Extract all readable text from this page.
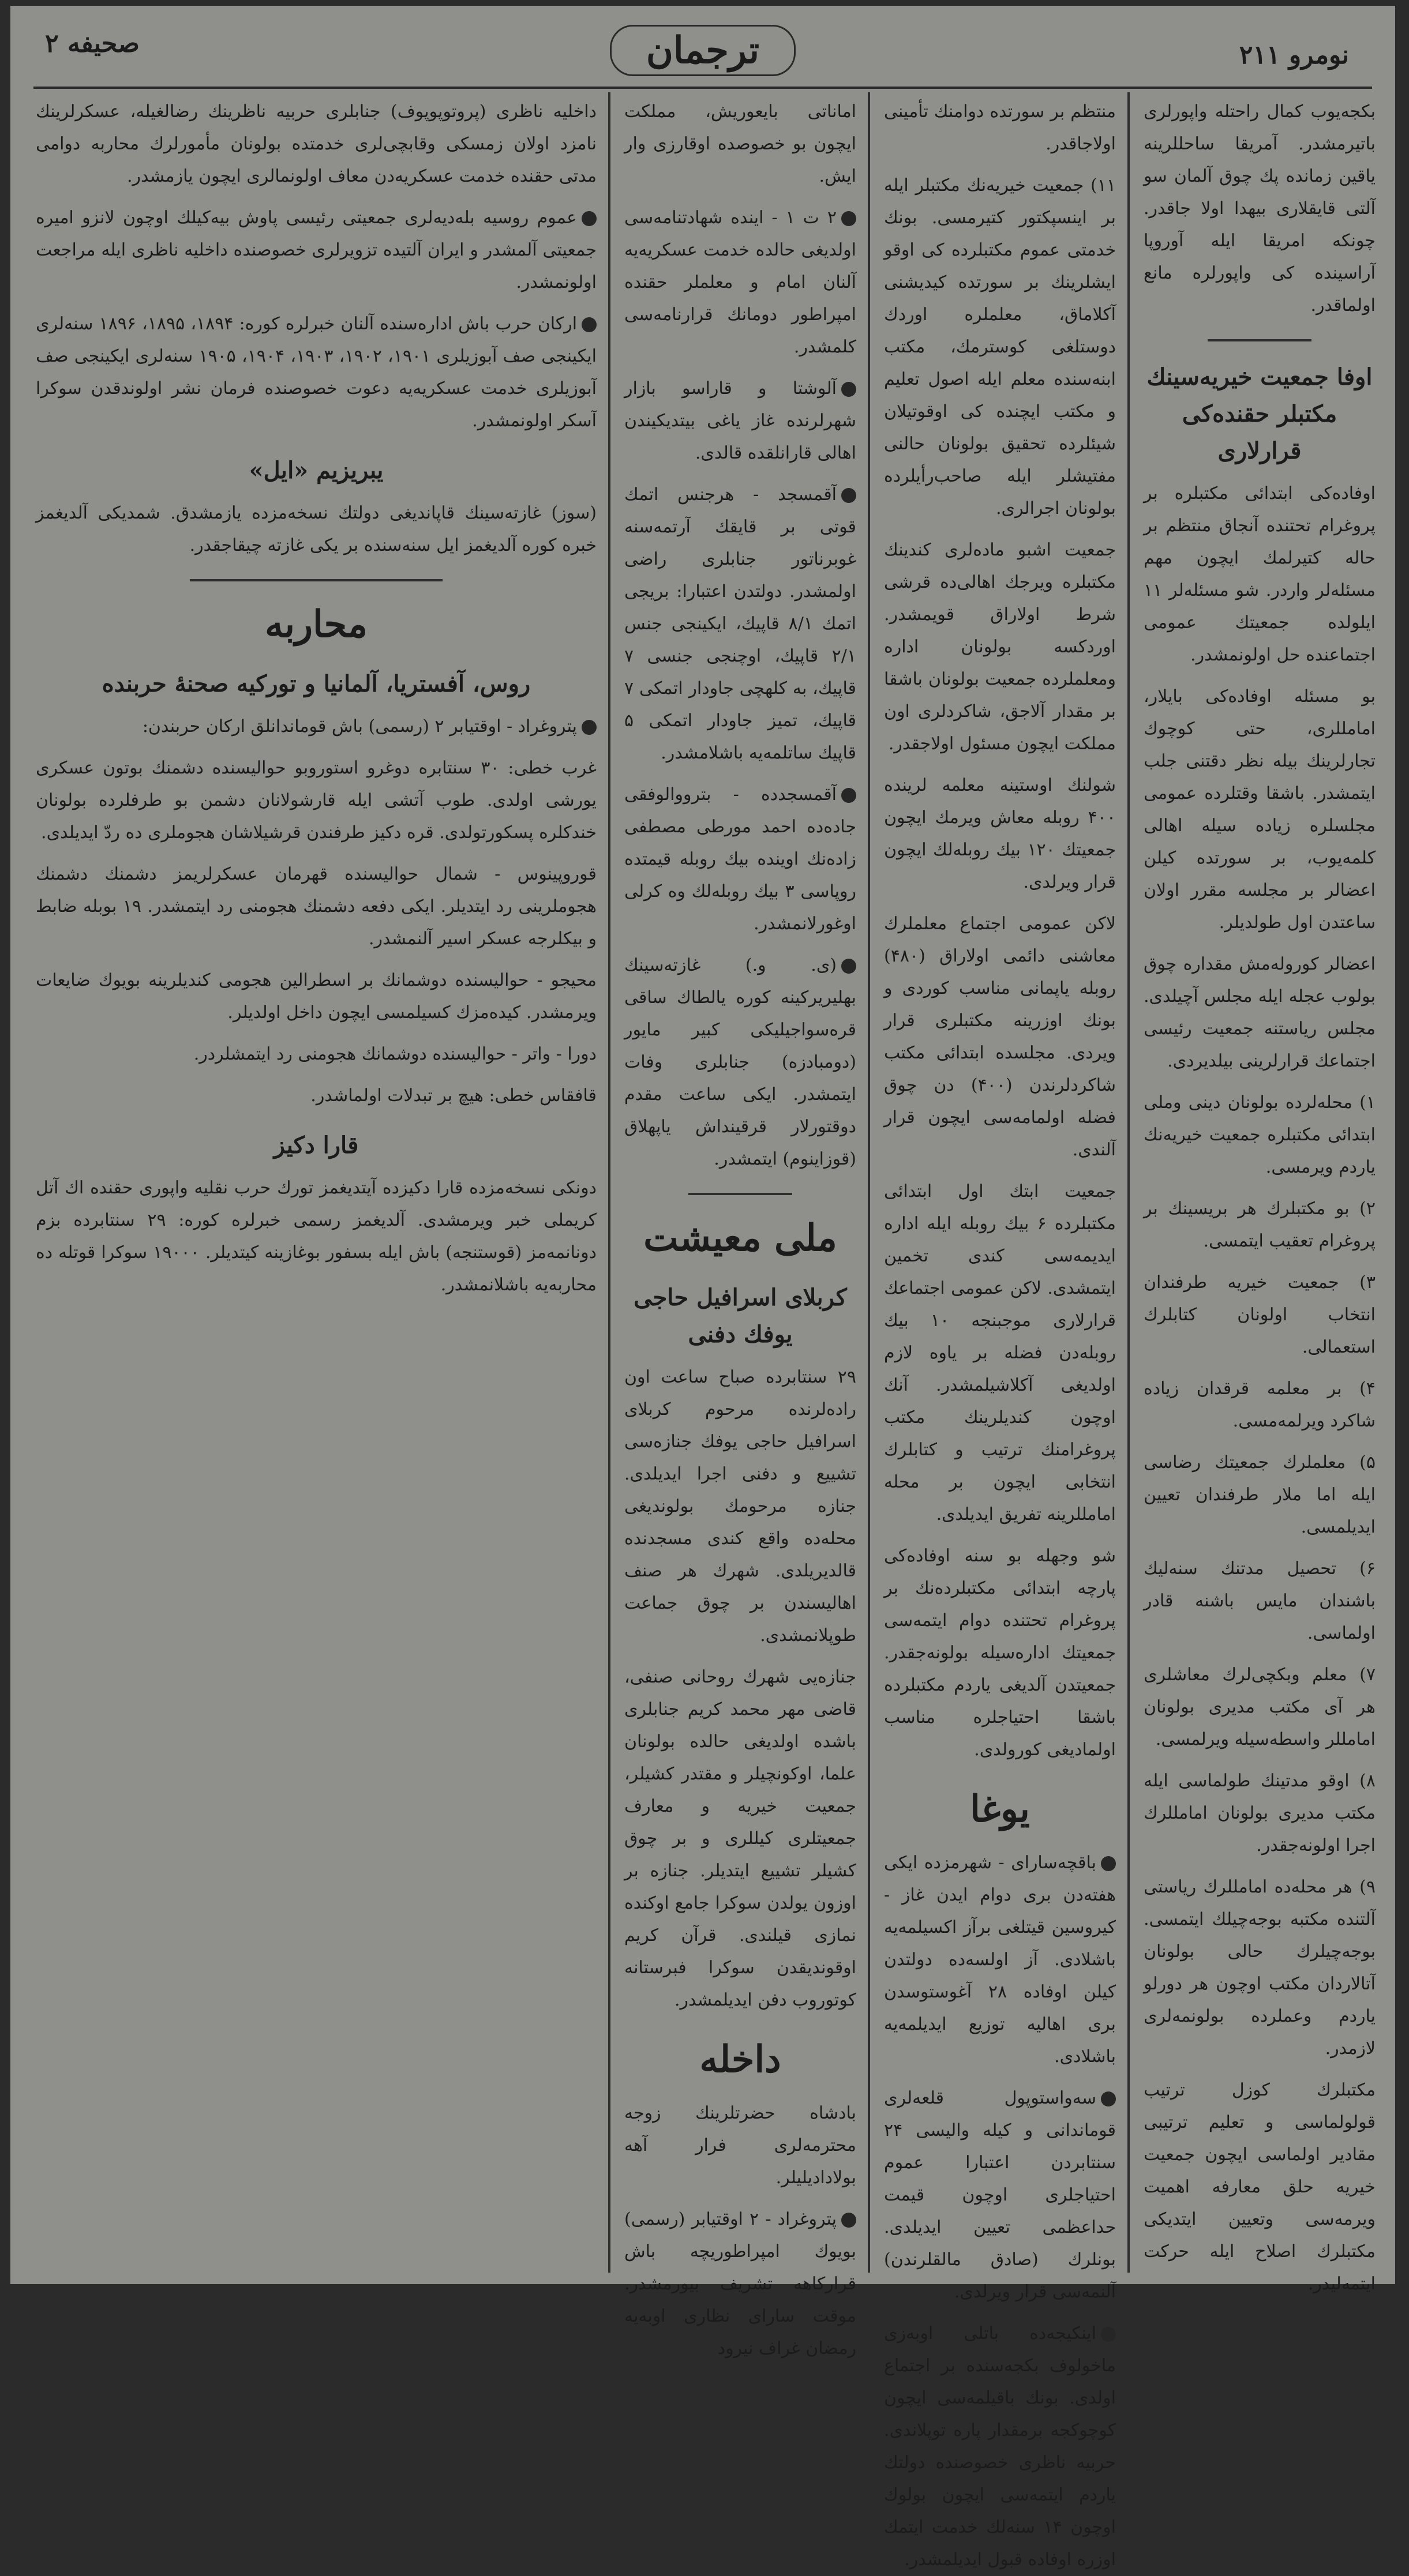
نومرو ۲۱۱
ترجمان
صحیفه ۲

بکجه‌یوب کمال راحتله واپورلری باتیرمشدر. آمریقا ساحللرینه یاقین زمانده پك چوق آلمان سو آلتی قایقلاری بیهدا اولا جاقدر. چونکه امریقا ایله آوروپا آراسینده کی واپورلره مانع اولماقدر.

اوفا جمعیت خیریه‌سینك مکتبلر حقنده‌کی قرارلاری

اوفاده‌کی ابتدائی مکتبلره بر پروغرام تحتنده آنجاق منتظم بر حاله کتیرلمك ایچون مهم مسئله‌لر واردر. شو مسئله‌لر ۱۱ ایلولده جمعیتك عمومی اجتماعنده حل اولونمشدر.

بو مسئله اوفاده‌کی بایلار، امامللری، حتی کوچوك تجارلرینك بیله نظر دقتنی جلب ایتمشدر. باشقا وقتلرده عمومی مجلسلره زیاده سیله اهالی کلمه‌یوب، بر سورتده کیلن اعضالر بر مجلسه مقرر اولان ساعتدن اول طولدیلر.

اعضالر کوروله‌مش مقداره چوق بولوب عجله ایله مجلس آچیلدی. مجلس ریاستنه جمعیت رئیسی اجتماعك قرارلرینی بیلدیردی.

۱) محله‌لرده بولونان دینی وملی ابتدائی مکتبلره جمعیت خیریه‌نك یاردم ویرمسی.

۲) بو مکتبلرك هر بریسینك بر پروغرام تعقیب ایتمسی.

۳) جمعیت خیریه طرفندان انتخاب اولونان کتابلرك استعمالی.

۴) بر معلمه قرقدان زیاده شاکرد ویرلمه‌مسی.

۵) معلملرك جمعیتك رضاسی ایله اما ملار طرفندان تعیین ایدیلمسی.

۶) تحصیل مدتنك سنه‌لیك باشندان مایس باشنه قادر اولماسی.

۷) معلم وبکچی‌لرك معاشلری هر آی مکتب مدیری بولونان امامللر واسطه‌سیله ویرلمسی.

۸) اوقو مدتینك طولماسی ایله مکتب مدیری بولونان امامللرك اجرا اولونه‌جقدر.

۹) هر محله‌ده امامللرك ریاستی آلتنده مکتبه بوجه‌چیلك ایتمسی. بوجه‌چیلرك حالی بولونان آتالاردان مکتب اوچون هر دورلو یاردم وعملرده بولونمه‌لری لازمدر.

مکتبلرك کوزل ترتیب قولولماسی و تعلیم ترتیبی مقادیر اولماسی ایچون جمعیت خیریه حلق معارفه اهمیت ویرمه‌سی وتعیین ایتدیکی مکتبلرك اصلاح ایله حرکت ایتمه‌لیدر.

منتظم بر سورتده دوامنك تأمینی اولاجاقدر.

۱۱) جمعیت خیریه‌نك مکتبلر ایله بر اینسپکتور کتیرمسی. بونك خدمتی عموم مکتبلرده کی اوقو ایشلرینك بر سورتده کیدیشنی آکلاماق، معلملره اوردك دوستلغی کوسترمك، مکتب ابنه‌سنده معلم ایله اصول تعلیم و مکتب ایچنده کی اوقوتیلان شیئلرده تحقیق بولونان حالنی مفتیشلر ایله صاحب‌رأیلرده بولونان اجرالری.

جمعیت اشبو ماده‌لری کندینك مکتبلره ویرجك اهالی‌ده قرشی شرط اولاراق قویمشدر. اوردکسه بولونان اداره ومعلملرده جمعیت بولونان باشقا بر مقدار آلاجق، شاکردلری اون مملکت ایچون مسئول اولاجقدر.

شولنك اوستینه معلمه لرینده ۴۰۰ روبله معاش ویرمك ایچون جمعیتك ۱۲۰ بیك روبله‌لك ایچون قرار ویرلدی.

لاکن عمومی اجتماع معلملرك معاشنی دائمی اولاراق (۴۸۰) روبله یاپمانی مناسب کوردی و بونك اوزرینه مکتبلری قرار ویردی. مجلسده ابتدائی مکتب شاکردلرندن (۴۰۰) دن چوق فضله اولمامه‌سی ایچون قرار آلندی.

جمعیت ابتك اول ابتدائی مکتبلرده ۶ بیك روبله ایله اداره ایدیمه‌سی کندی تخمین ایتمشدی. لاکن عمومی اجتماعك قرارلاری موجبنجه ۱۰ بیك روبله‌دن فضله بر یاوه لازم اولدیغی آکلاشیلمشدر. آنك اوچون کندیلرینك مکتب پروغرامنك ترتیب و کتابلرك انتخابی ایچون بر محله امامللرینه تفریق ایدیلدی.

شو وجهله بو سنه اوفاده‌کی پارچه ابتدائی مکتبلرده‌نك بر پروغرام تحتنده دوام ایتمه‌سی جمعیتك اداره‌سیله بولونه‌جقدر. جمعیتدن آلدیغی یاردم مکتبلرده باشقا احتیاجلره مناسب اولمادیغی کورولدی.

یوغا

باقچه‌سارای - شهرمزده ایکی هفته‌دن بری دوام ایدن غاز - کیروسین قیتلغی برآز اکسیلمه‌یه باشلادی. آز اولسه‌ده دولتدن کیلن اوفاده ۲۸ آغوستوسدن بری اهالیه توزیع ایدیلمه‌یه باشلادی.

سه‌واستوپول قلعه‌لری قوماندانی و کیله والیسی ۲۴ سنتابردن اعتبارا عموم احتیاجلری اوچون قیمت حداعظمی تعیین ایدیلدی. بونلرك (صادق مالقلرندن) آلنمه‌سی قرار ویرلدی.

اینکیجه‌ده باتلی اوبه‌زی ماخولوف بکجه‌سنده بر اجتماع اولدی. بونك باقیلمه‌سی ایچون کوچوکجه برمقدار پاره توپلاندی. حربیه ناظری خصوصنده دولتك یاردم ایتمه‌سی ایچون بولوك اوچون ۱۴ سنه‌لك خدمت ایتمك اوزره اوفاده قبول ایدیلمشدر.

اماناتی بایعوریش، مملکت ایچون بو خصوصده اوقارزی وار ایش.

۲ ت ۱ - اینده شهادتنامه‌سی اولدیغی حالده خدمت عسکریه‌یه آلنان امام و معلملر حقنده امپراطور دومانك قرارنامه‌سی کلمشدر.

آلوشتا و قاراسو بازار شهرلرنده غاز یاغی بیتدیکیندن اهالی قارانلقده قالدی.

آقمسجد - هرجنس اتمك قوتی بر قایقك آرتمه‌سنه غوبرناتور جنابلری راضی اولمشدر. دولتدن اعتبارا: بریجی اتمك ۸/۱ قاپیك، ایکینجی جنس ۲/۱ قاپیك، اوچنجی جنسی ۷ قاپیك، به کلهچی جاودار اتمکی ۷ قاپیك، تمیز جاودار اتمکی ۵ قاپیك ساتلمه‌یه باشلامشدر.

آقمسجدده - بترووالوفقی جاده‌ده احمد مورطی مصطفی زاده‌نك اوینده بیك روبله قیمتده روپاسی ۳ بیك روبله‌لك وه کرلی اوغورلانمشدر.

(ی. و.) غازته‌سینك بهلیریرکینه کوره یالطاك ساقی قره‌سواجیلیکی کبیر مایور (دومبادزه) جنابلری وفات ایتمشدر. ایکی ساعت مقدم دوقتورلار قرقینداش یاپهلاق (قوزاینوم) ایتمشدر.

ملی معیشت
کربلای اسرافیل حاجی یوفك دفنی

۲۹ سنتابرده صباح ساعت اون راده‌لرنده مرحوم کربلای اسرافیل حاجی یوفك جنازه‌سی تشییع و دفنی اجرا ایدیلدی. جنازه مرحومك بولوندیغی محله‌ده واقع کندی مسجدنده قالدیریلدی. شهرك هر صنف اهالیسندن بر چوق جماعت طوپلانمشدی.

جنازه‌یی شهرك روحانی صنفی، قاضی مهر محمد کریم جنابلری باشده اولدیغی حالده بولونان علما، اوکونچیلر و مقتدر کشیلر، جمعیت خیریه و معارف جمعیتلری کیللری و بر چوق کشیلر تشییع ایتدیلر. جنازه بر اوزون یولدن سوکرا جامع اوکنده نمازی قیلندی. قرآن کریم اوقوندیقدن سوکرا فبرستانه کوتوروب دفن ایدیلمشدر.

داخله

بادشاه حضرتلرینك زوجه محترمه‌لری فرار آهه بولادادیلیلر.

پتروغراد - ۲ اوقتیابر (رسمی) بویوك امپراطوریچه باش قرارکاهه تشریف بیورمشدر. موقت سارای نظاری اوبه‌یه رمضان غراف نیرود

داخلیه ناظری (پروتوپوپوف) جنابلری حربیه ناظرینك رضالغیله، عسکرلرینك نامزد اولان زمسکی وقابچی‌لری خدمتده بولونان مأمورلرك محاربه دوامی مدتی حقنده خدمت عسکریه‌دن معاف اولونمالری ایچون یازمشدر.

عموم روسیه بله‌دیه‌لری جمعیتی رئیسی پاوش بیه‌کیلك اوچون لانزو امیره جمعیتی آلمشدر و ایران آلتیده تزویرلری خصوصنده داخلیه ناظری ایله مراجعت اولونمشدر.

ارکان حرب باش اداره‌سنده آلنان خبرلره کوره: ۱۸۹۴، ۱۸۹۵، ۱۸۹۶ سنه‌لری ایکینجی صف آبوزیلری ۱۹۰۱، ۱۹۰۲، ۱۹۰۳، ۱۹۰۴، ۱۹۰۵ سنه‌لری ایکینجی صف آبوزیلری خدمت عسکریه‌یه دعوت خصوصنده فرمان نشر اولوندقدن سوکرا آسکر اولونمشدر.

یبریزیم «ایل»

(سوز) غازته‌سینك قاپاندیغی دولتك نسخه‌مزده یازمشدق. شمدیکی آلدیغمز خبره کوره آلدیغمز ایل سنه‌سنده بر یکی غازته چیقاجقدر.

محاربه
روس، آفستریا، آلمانیا و تورکیه صحنهٔ حربنده

پتروغراد - اوقتیابر ۲ (رسمی) باش قوماندانلق ارکان حربندن:

غرب خطی: ۳۰ سنتابره دوغرو استوروبو حوالیسنده دشمنك بوتون عسکری یورشی اولدی. طوب آتشی ایله قارشولانان دشمن بو طرفلرده بولونان خندکلره پسکورتولدی. قره دکیز طرفندن قرشیلاشان هجوملری ده ردّ ایدیلدی.

قوروپینوس - شمال حوالیسنده قهرمان عسکرلریمز دشمنك دشمنك هجوملرینی رد ایتدیلر. ایکی دفعه دشمنك هجومنی رد ایتمشدر. ۱۹ بوبله ضابط و بیکلرجه عسکر اسیر آلنمشدر.

محیجو - حوالیسنده دوشمانك بر اسطرالین هجومی کندیلرینه بویوك ضایعات ویرمشدر. کیده‌مزك کسیلمسی ایچون داخل اولدیلر.

دورا - واتر - حوالیسنده دوشمانك هجومنی رد ایتمشلردر.

قافقاس خطی: هیچ بر تبدلات اولماشدر.

قارا دکیز

دونکی نسخه‌مزده قارا دکیزده آیتدیغمز تورك حرب نقلیه واپوری حقنده اك آتل کریملی خبر ویرمشدی. آلدیغمز رسمی خبرلره کوره: ۲۹ سنتابرده بزم دونانمه‌مز (قوستنجه) باش ایله بسفور بوغازینه کیتدیلر. ۱۹۰۰۰ سوکرا قوتله ده محاربه‌یه باشلانمشدر.
